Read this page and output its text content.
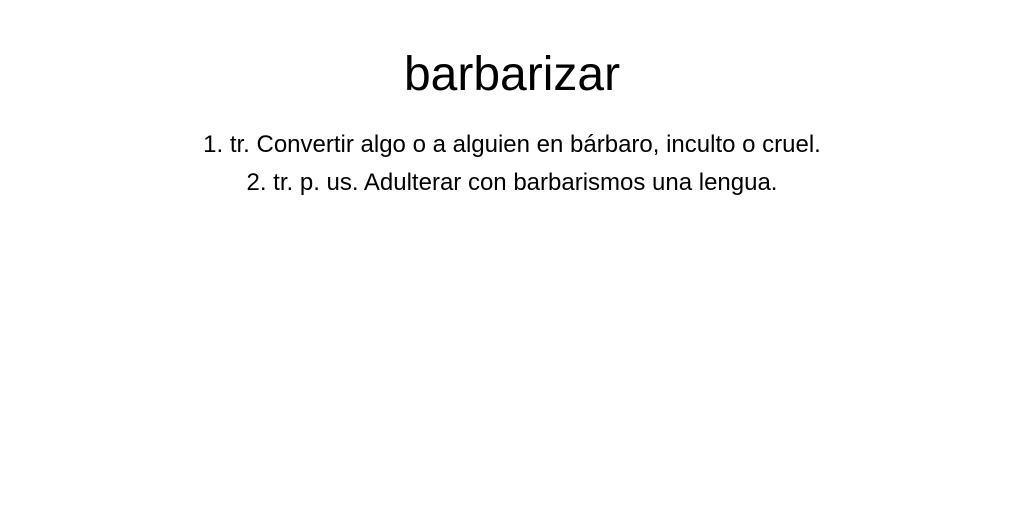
barbarizar
1. tr. Convertir algo o a alguien en bárbaro, inculto o cruel.
2. tr. p. us. Adulterar con barbarismos una lengua.
